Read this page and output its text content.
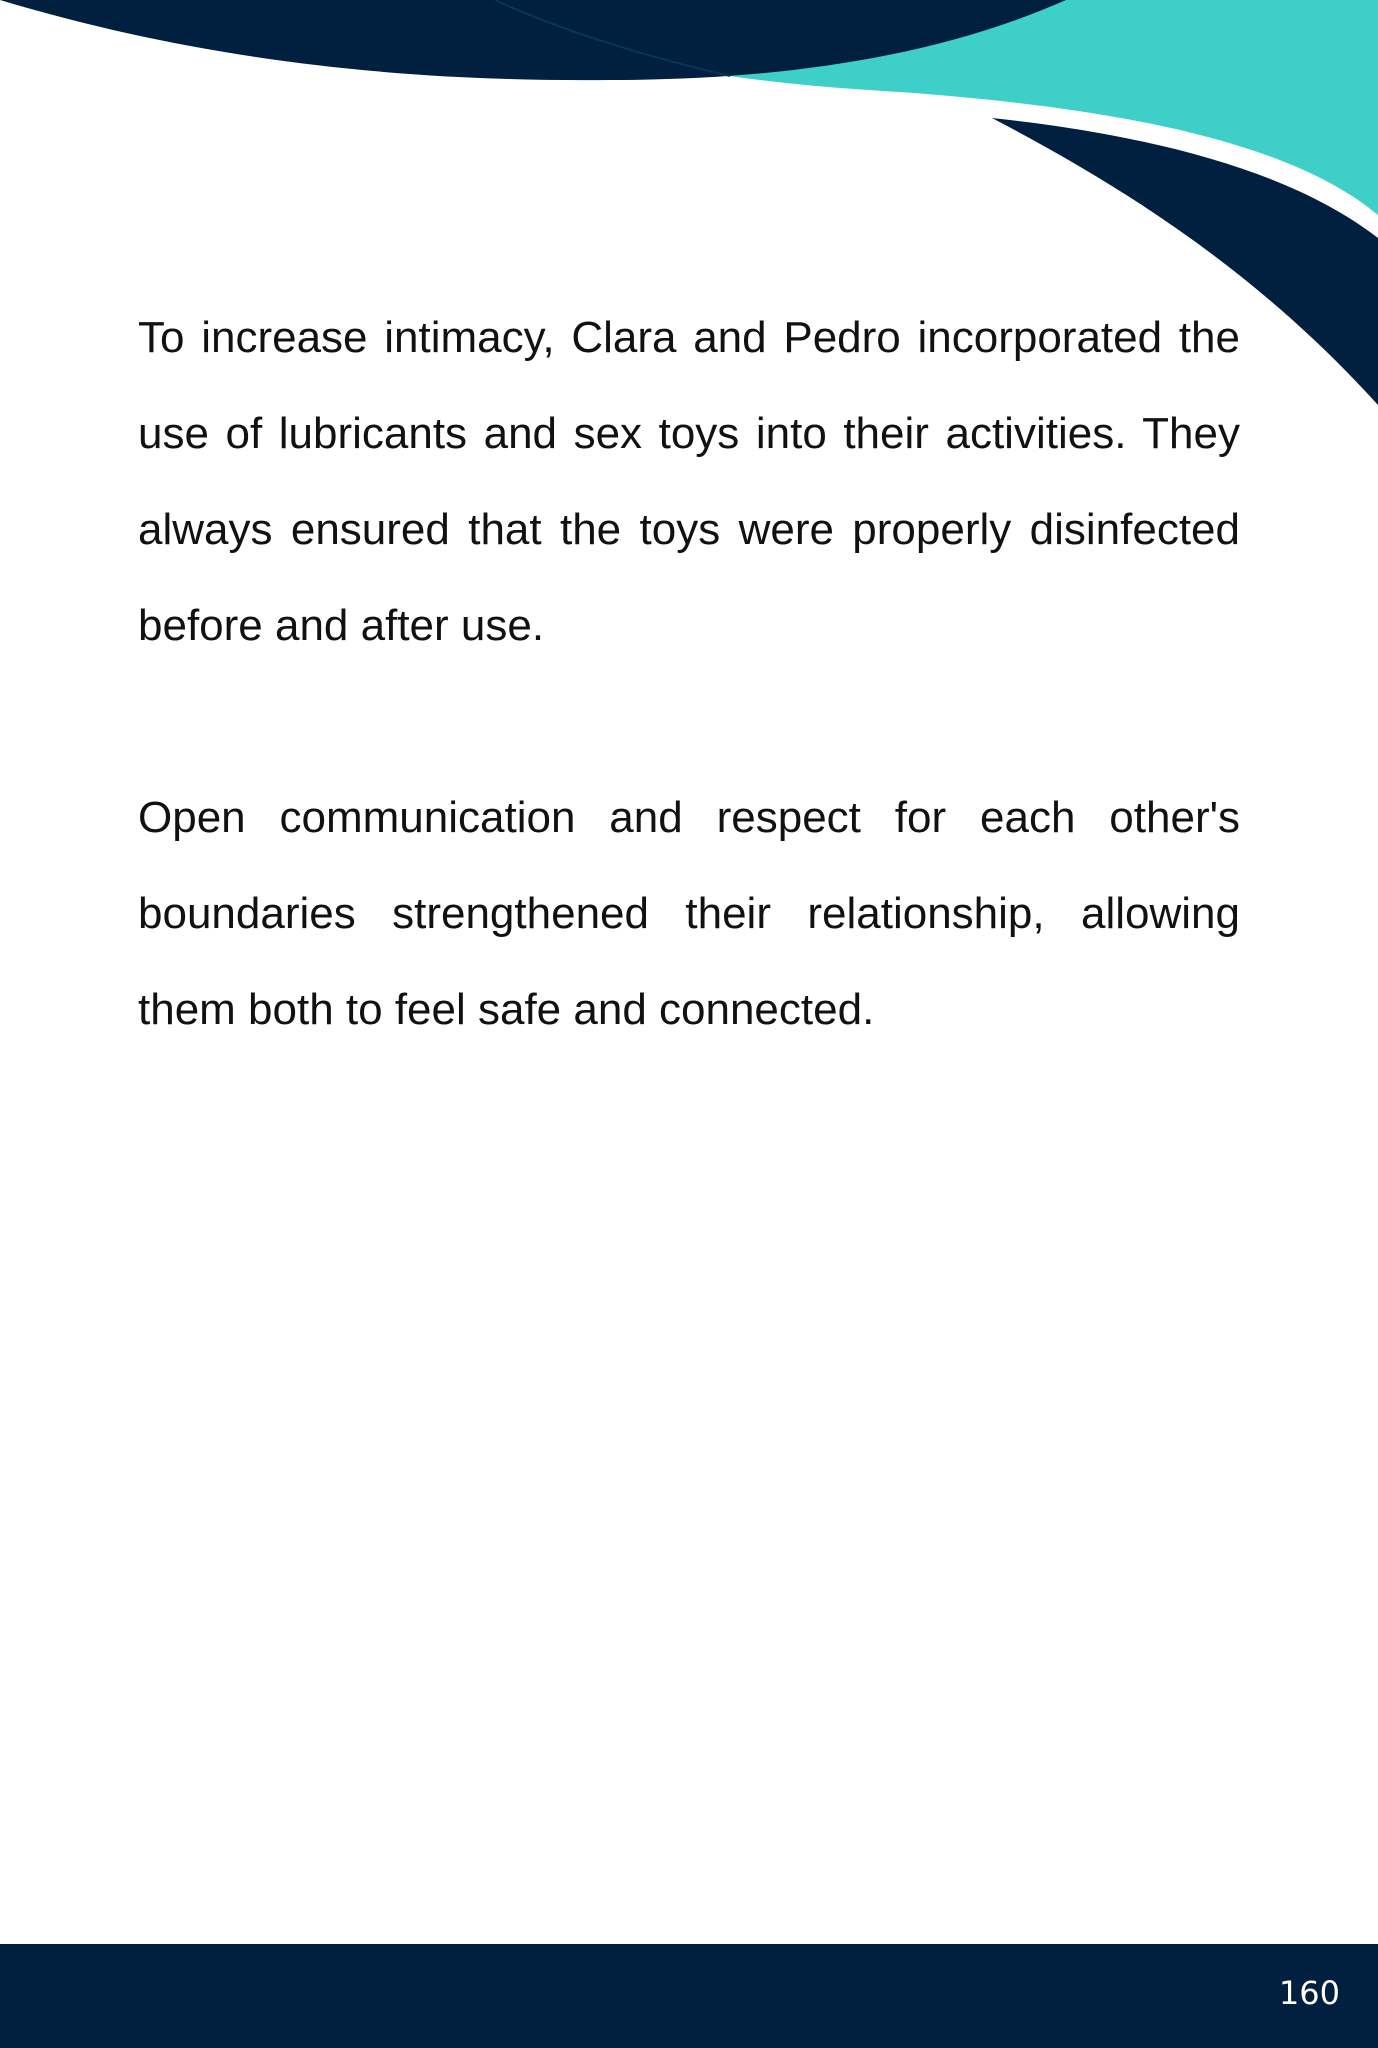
To increase intimacy, Clara and Pedro incorporated the use of lubricants and sex toys into their activities. They always ensured that the toys were properly disinfected before and after use.

Open communication and respect for each other's boundaries strengthened their relationship, allowing them both to feel safe and connected.

160
